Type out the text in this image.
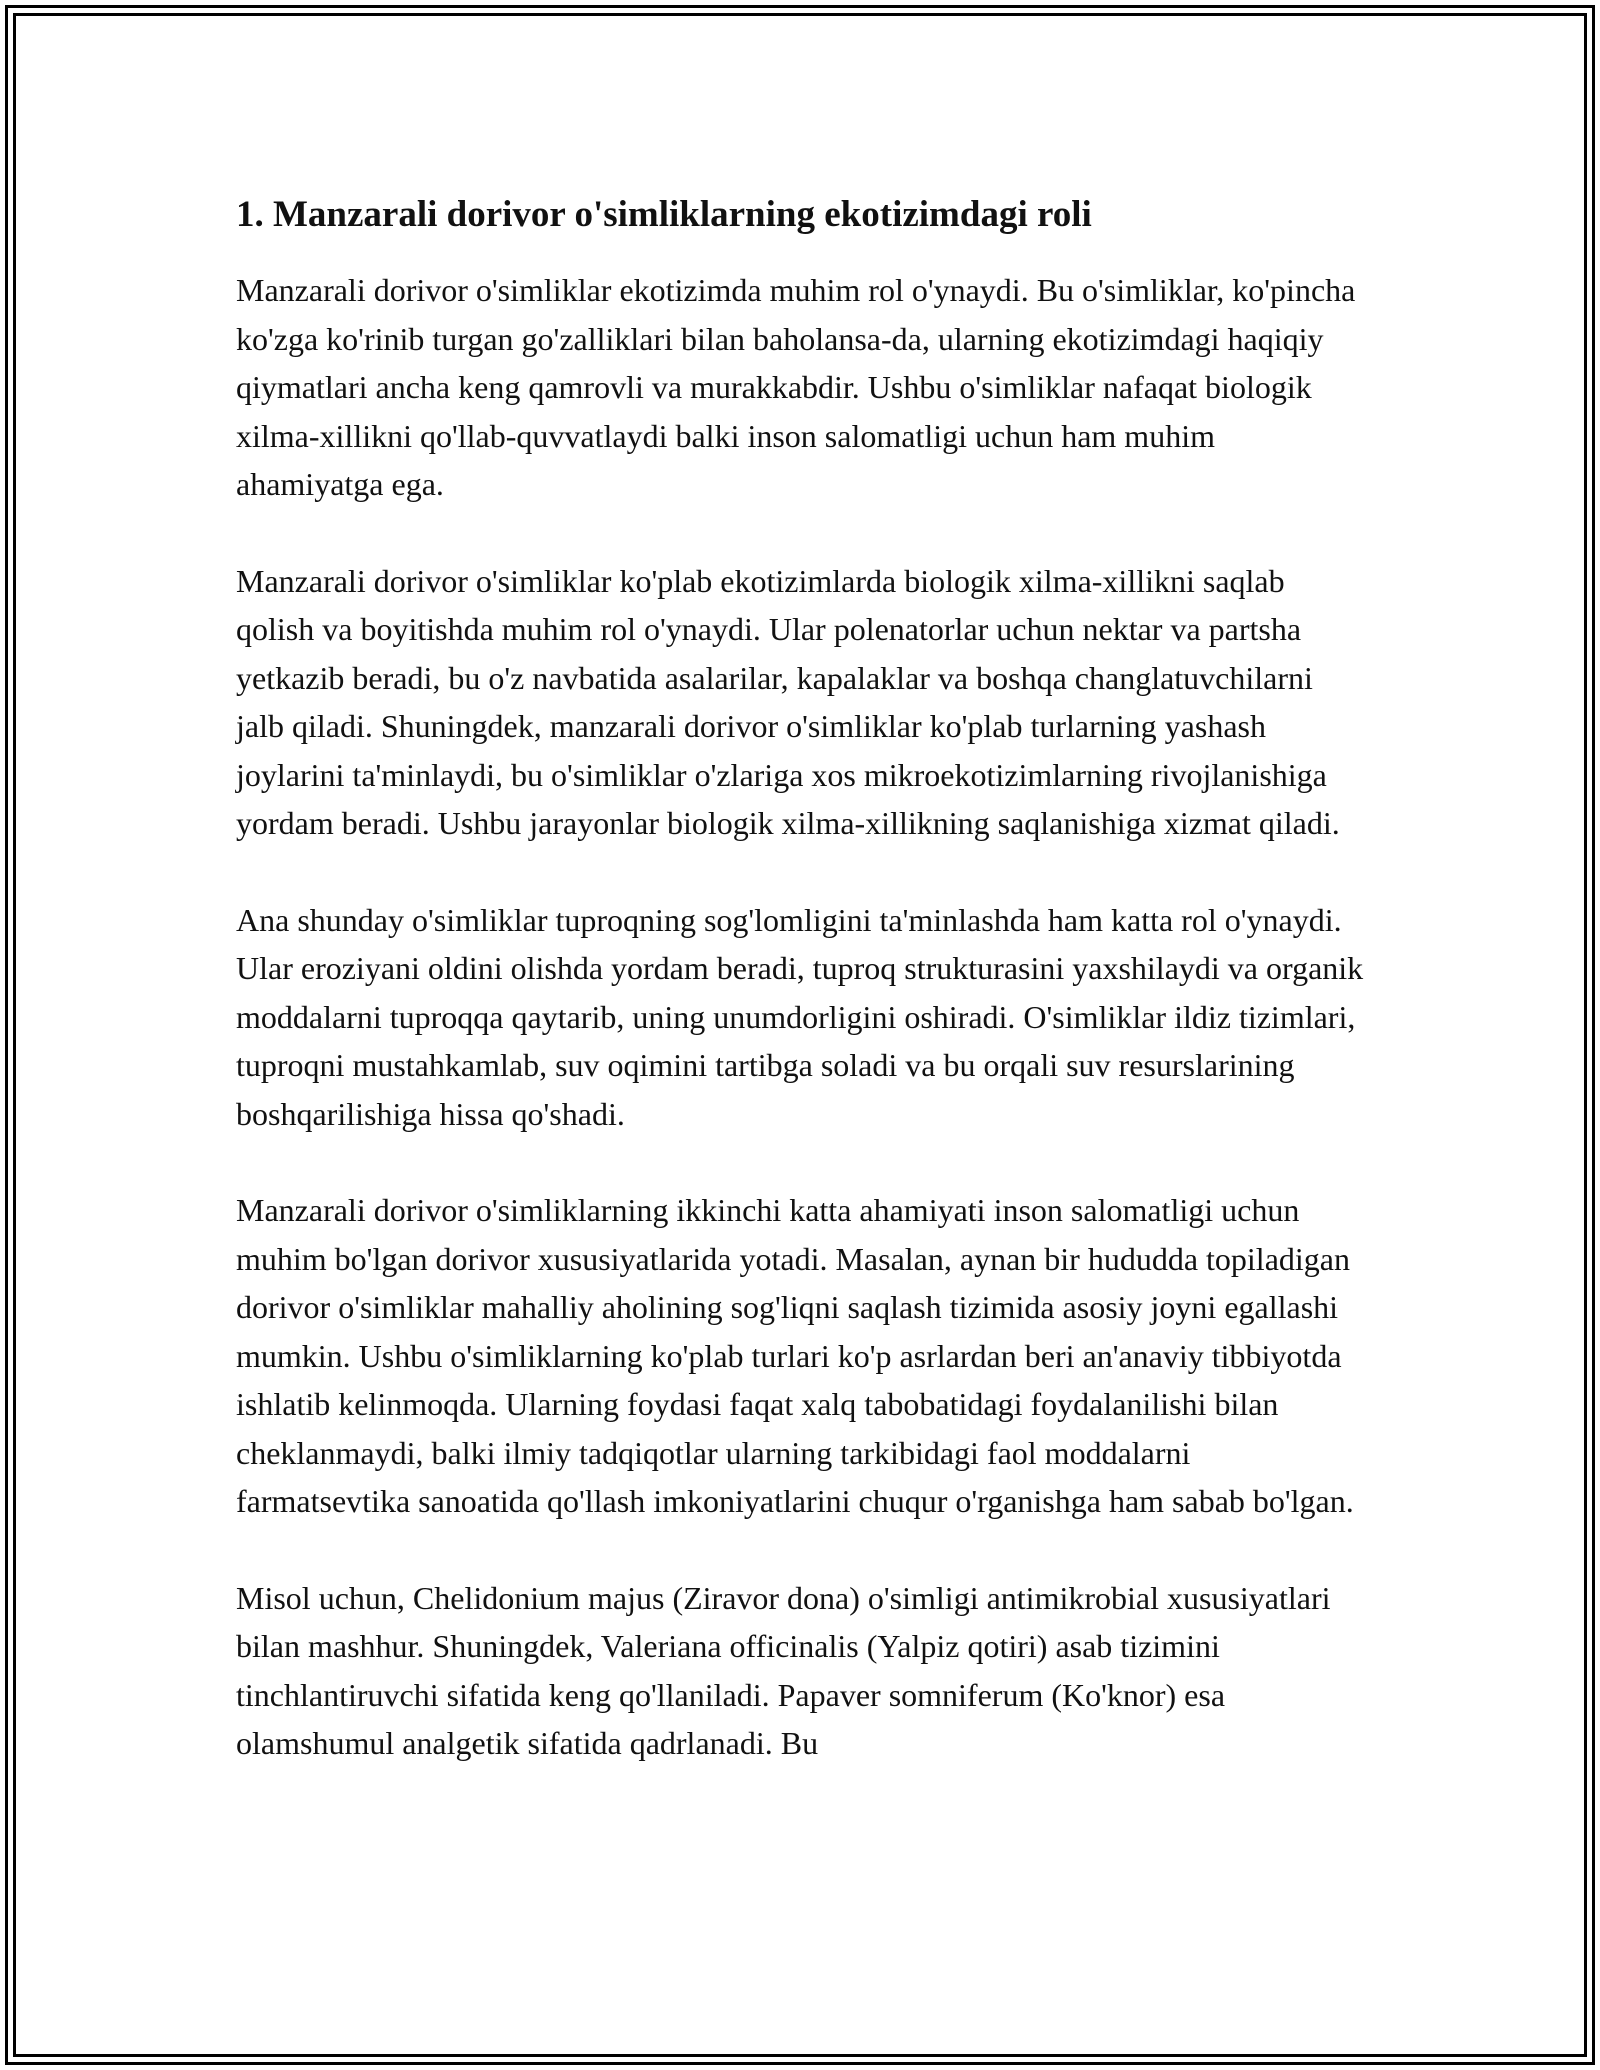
1. Manzarali dorivor o'simliklarning ekotizimdagi roli

Manzarali dorivor o'simliklar ekotizimda muhim rol o'ynaydi. Bu o'simliklar, ko'pincha ko'zga ko'rinib turgan go'zalliklari bilan baholansa-da, ularning ekotizimdagi haqiqiy qiymatlari ancha keng qamrovli va murakkabdir. Ushbu o'simliklar nafaqat biologik xilma-xillikni qo'llab-quvvatlaydi balki inson salomatligi uchun ham muhim ahamiyatga ega.

Manzarali dorivor o'simliklar ko'plab ekotizimlarda biologik xilma-xillikni saqlab qolish va boyitishda muhim rol o'ynaydi. Ular polenatorlar uchun nektar va partsha yetkazib beradi, bu o'z navbatida asalarilar, kapalaklar va boshqa changlatuvchilarni jalb qiladi. Shuningdek, manzarali dorivor o'simliklar ko'plab turlarning yashash joylarini ta'minlaydi, bu o'simliklar o'zlariga xos mikroekotizimlarning rivojlanishiga yordam beradi. Ushbu jarayonlar biologik xilma-xillikning saqlanishiga xizmat qiladi.

Ana shunday o'simliklar tuproqning sog'lomligini ta'minlashda ham katta rol o'ynaydi. Ular eroziyani oldini olishda yordam beradi, tuproq strukturasini yaxshilaydi va organik moddalarni tuproqqa qaytarib, uning unumdorligini oshiradi. O'simliklar ildiz tizimlari, tuproqni mustahkamlab, suv oqimini tartibga soladi va bu orqali suv resurslarining boshqarilishiga hissa qo'shadi.

Manzarali dorivor o'simliklarning ikkinchi katta ahamiyati inson salomatligi uchun muhim bo'lgan dorivor xususiyatlarida yotadi. Masalan, aynan bir hududda topiladigan dorivor o'simliklar mahalliy aholining sog'liqni saqlash tizimida asosiy joyni egallashi mumkin. Ushbu o'simliklarning ko'plab turlari ko'p asrlardan beri an'anaviy tibbiyotda ishlatib kelinmoqda. Ularning foydasi faqat xalq tabobatidagi foydalanilishi bilan cheklanmaydi, balki ilmiy tadqiqotlar ularning tarkibidagi faol moddalarni farmatsevtika sanoatida qo'llash imkoniyatlarini chuqur o'rganishga ham sabab bo'lgan.

Misol uchun, Chelidonium majus (Ziravor dona) o'simligi antimikrobial xususiyatlari bilan mashhur. Shuningdek, Valeriana officinalis (Yalpiz qotiri) asab tizimini tinchlantiruvchi sifatida keng qo'llaniladi. Papaver somniferum (Ko'knor) esa olamshumul analgetik sifatida qadrlanadi. Bu
